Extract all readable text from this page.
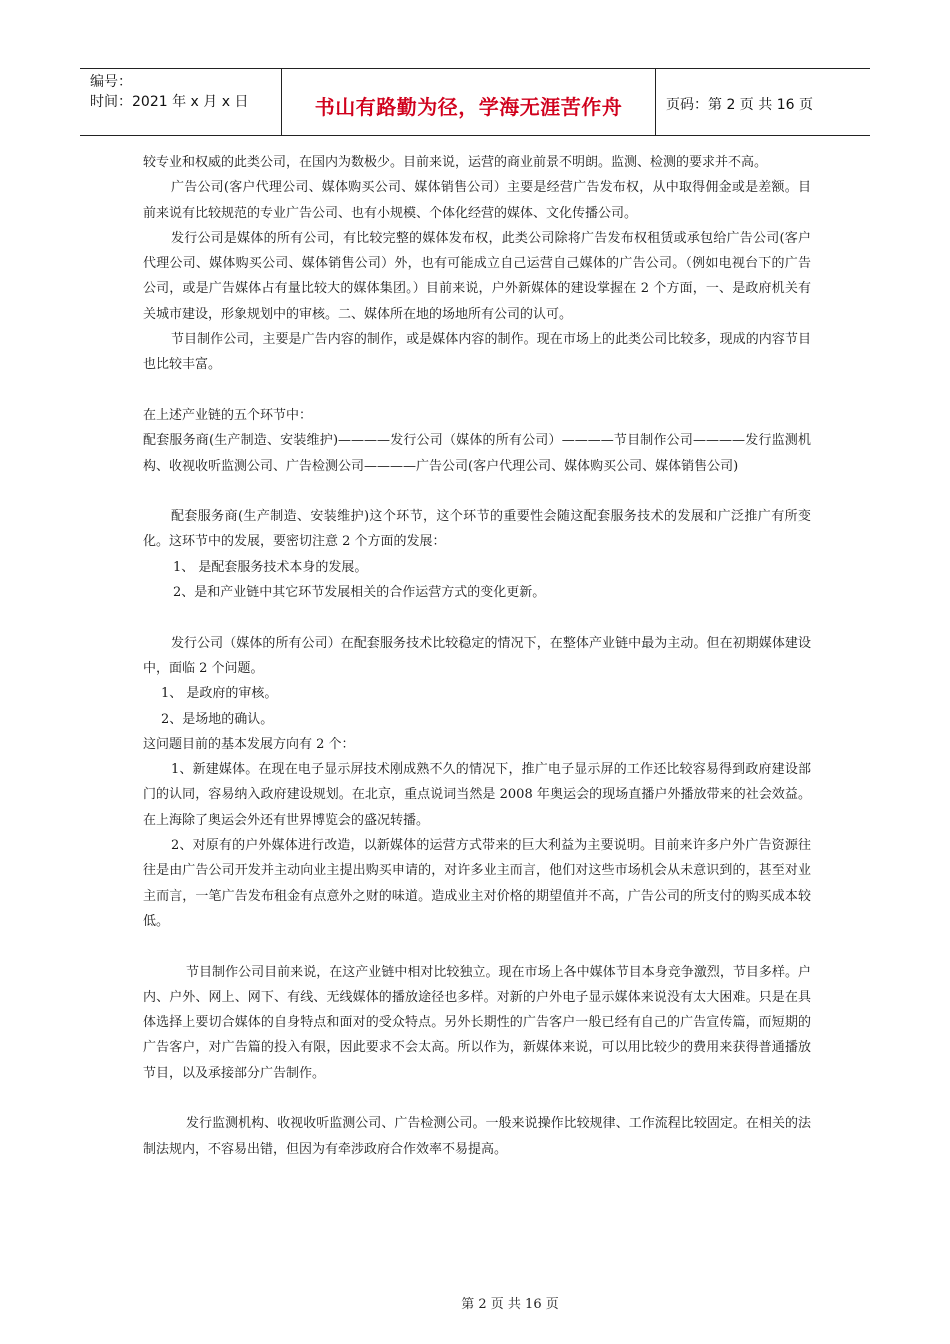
编号：
时间：2021 年 x 月 x 日	书山有路勤为径，学海无涯苦作舟	页码：第 2 页 共 16 页

较专业和权威的此类公司，在国内为数极少。目前来说，运营的商业前景不明朗。监测、检测的要求并不高。

广告公司(客户代理公司、媒体购买公司、媒体销售公司）主要是经营广告发布权，从中取得佣金或是差额。目前来说有比较规范的专业广告公司、也有小规模、个体化经营的媒体、文化传播公司。

发行公司是媒体的所有公司，有比较完整的媒体发布权，此类公司除将广告发布权租赁或承包给广告公司(客户代理公司、媒体购买公司、媒体销售公司）外，也有可能成立自己运营自己媒体的广告公司。（例如电视台下的广告公司，或是广告媒体占有量比较大的媒体集团。）目前来说，户外新媒体的建设掌握在 2 个方面，一、是政府机关有关城市建设，形象规划中的审核。二、媒体所在地的场地所有公司的认可。

节目制作公司，主要是广告内容的制作，或是媒体内容的制作。现在市场上的此类公司比较多，现成的内容节目也比较丰富。

在上述产业链的五个环节中：

配套服务商(生产制造、安装维护)————发行公司（媒体的所有公司）————节目制作公司————发行监测机构、收视收听监测公司、广告检测公司————广告公司(客户代理公司、媒体购买公司、媒体销售公司)

配套服务商(生产制造、安装维护)这个环节，这个环节的重要性会随这配套服务技术的发展和广泛推广有所变化。这环节中的发展，要密切注意 2 个方面的发展：

1、 是配套服务技术本身的发展。

2、是和产业链中其它环节发展相关的合作运营方式的变化更新。

发行公司（媒体的所有公司）在配套服务技术比较稳定的情况下，在整体产业链中最为主动。但在初期媒体建设中，面临 2 个问题。

1、 是政府的审核。

2、是场地的确认。

这问题目前的基本发展方向有 2 个：

1、新建媒体。在现在电子显示屏技术刚成熟不久的情况下，推广电子显示屏的工作还比较容易得到政府建设部门的认同，容易纳入政府建设规划。在北京，重点说词当然是 2008 年奥运会的现场直播户外播放带来的社会效益。在上海除了奥运会外还有世界博览会的盛况转播。

2、对原有的户外媒体进行改造，以新媒体的运营方式带来的巨大利益为主要说明。目前来许多户外广告资源往往是由广告公司开发并主动向业主提出购买申请的，对许多业主而言，他们对这些市场机会从未意识到的，甚至对业主而言，一笔广告发布租金有点意外之财的味道。造成业主对价格的期望值并不高，广告公司的所支付的购买成本较低。

节目制作公司目前来说，在这产业链中相对比较独立。现在市场上各中媒体节目本身竞争激烈，节目多样。户内、户外、网上、网下、有线、无线媒体的播放途径也多样。对新的户外电子显示媒体来说没有太大困难。只是在具体选择上要切合媒体的自身特点和面对的受众特点。另外长期性的广告客户一般已经有自己的广告宣传篇，而短期的广告客户，对广告篇的投入有限，因此要求不会太高。所以作为，新媒体来说，可以用比较少的费用来获得普通播放节目，以及承接部分广告制作。

发行监测机构、收视收听监测公司、广告检测公司。一般来说操作比较规律、工作流程比较固定。在相关的法制法规内，不容易出错，但因为有牵涉政府合作效率不易提高。

第 2 页 共 16 页
